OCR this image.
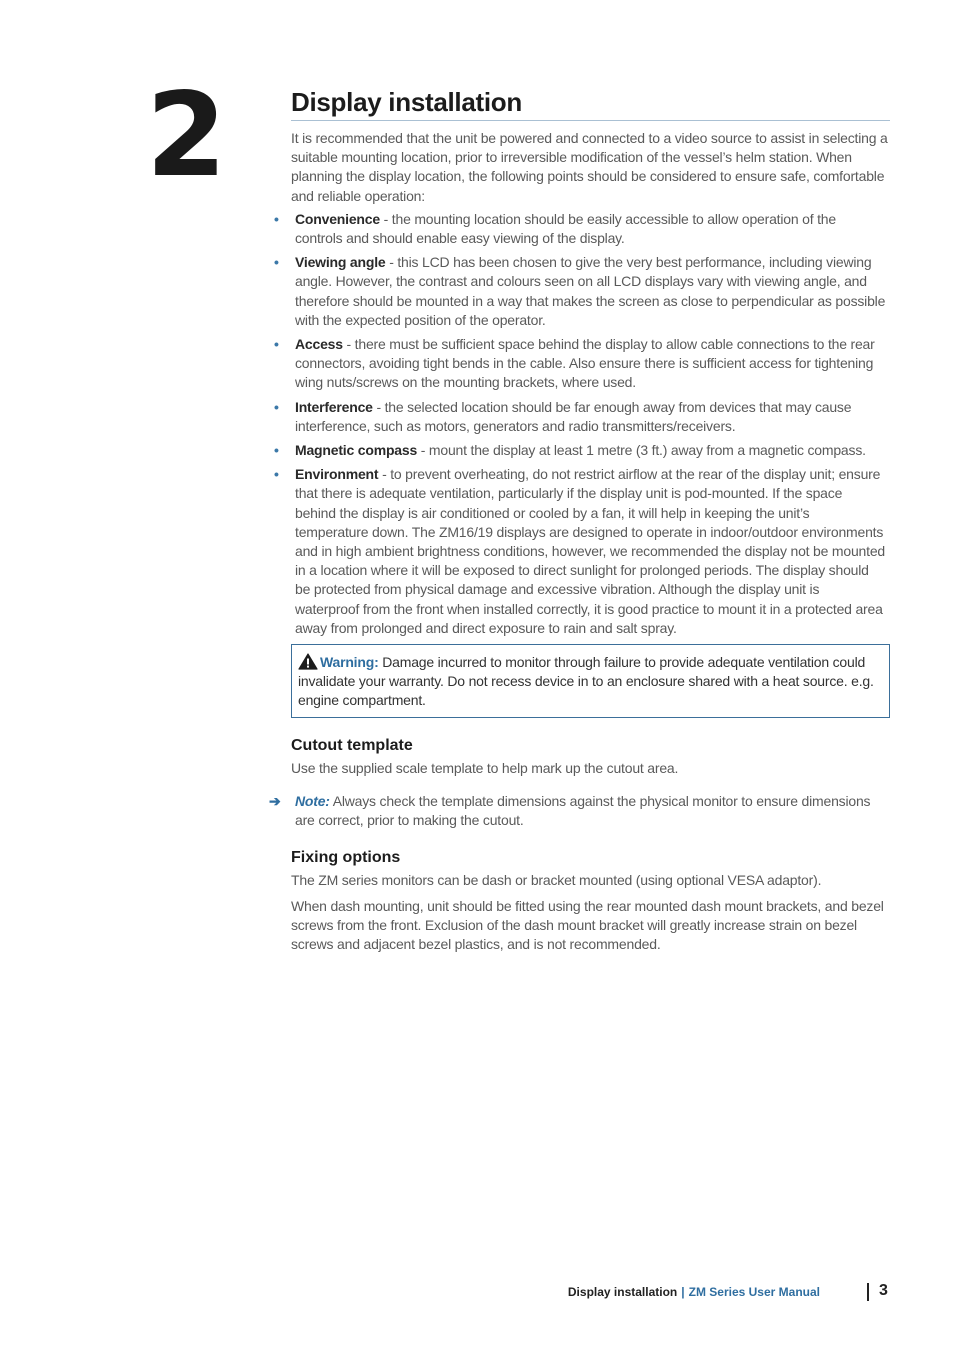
2	Display installation

It is recommended that the unit be powered and connected to a video source to assist in selecting a suitable mounting location, prior to irreversible modification of the vessel’s helm station. When planning the display location, the following points should be considered to ensure safe, comfortable and reliable operation:

• Convenience - the mounting location should be easily accessible to allow operation of the controls and should enable easy viewing of the display.
• Viewing angle - this LCD has been chosen to give the very best performance, including viewing angle. However, the contrast and colours seen on all LCD displays vary with viewing angle, and therefore should be mounted in a way that makes the screen as close to perpendicular as possible with the expected position of the operator.
• Access - there must be sufficient space behind the display to allow cable connections to the rear connectors, avoiding tight bends in the cable. Also ensure there is sufficient access for tightening wing nuts/screws on the mounting brackets, where used.
• Interference - the selected location should be far enough away from devices that may cause interference, such as motors, generators and radio transmitters/receivers.
• Magnetic compass - mount the display at least 1 metre (3 ft.) away from a magnetic compass.
• Environment - to prevent overheating, do not restrict airflow at the rear of the display unit; ensure that there is adequate ventilation, particularly if the display unit is pod-mounted. If the space behind the display is air conditioned or cooled by a fan, it will help in keeping the unit’s temperature down. The ZM16/19 displays are designed to operate in indoor/outdoor environments and in high ambient brightness conditions, however, we recommended the display not be mounted in a location where it will be exposed to direct sunlight for prolonged periods. The display should be protected from physical damage and excessive vibration. Although the display unit is waterproof from the front when installed correctly, it is good practice to mount it in a protected area away from prolonged and direct exposure to rain and salt spray.
Warning: Damage incurred to monitor through failure to provide adequate ventilation could invalidate your warranty. Do not recess device in to an enclosure shared with a heat source. e.g. engine compartment.
Cutout template

Use the supplied scale template to help mark up the cutout area.

➔ Note: Always check the template dimensions against the physical monitor to ensure dimensions are correct, prior to making the cutout.
Fixing options

The ZM series monitors can be dash or bracket mounted (using optional VESA adaptor).

When dash mounting, unit should be fitted using the rear mounted dash mount brackets, and bezel screws from the front. Exclusion of the dash mount bracket will greatly increase strain on bezel screws and adjacent bezel plastics, and is not recommended.

Display installation | ZM Series User Manual	3
